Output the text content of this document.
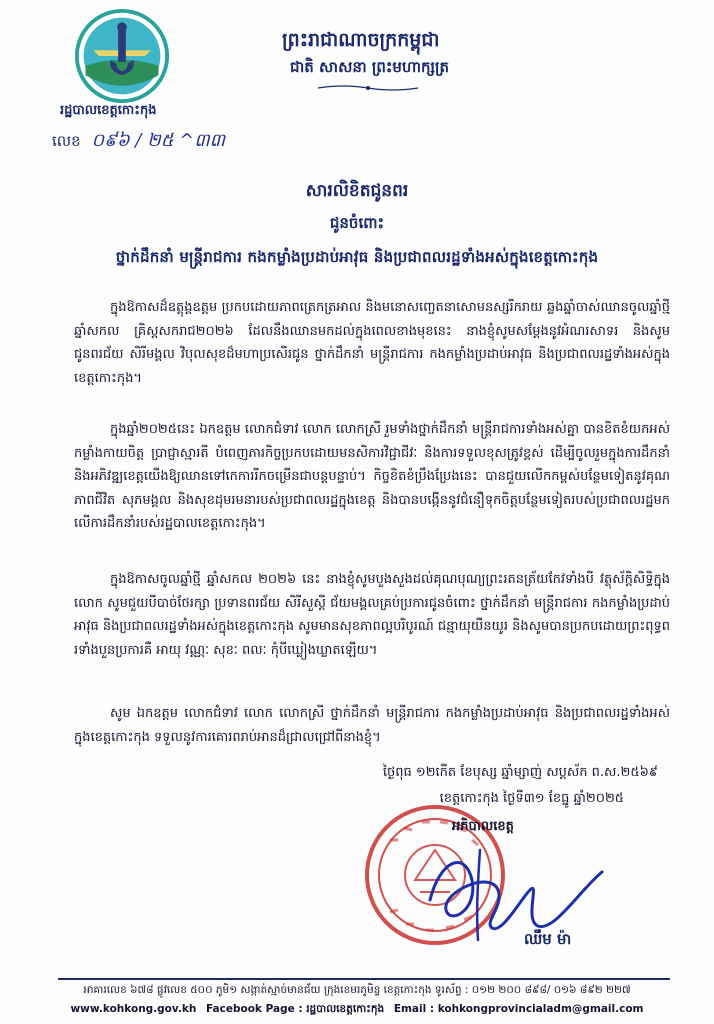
រដ្ឋបាលខេត្តកោះកុង
លេខ ០៩៦ / ២៥ ^៣៣
ព្រះរាជាណាចក្រកម្ពុជា
ជាតិ សាសនា ព្រះមហាក្សត្រ
សារលិខិតជូនពរ
ជូនចំពោះ
ថ្នាក់ដឹកនាំ មន្ត្រីរាជការ កងកម្លាំងប្រដាប់អាវុធ និងប្រជាពលរដ្ឋទាំងអស់ក្នុងខេត្តកោះកុង
ក្នុងឱកាសដ៏ឧត្តុង្គឧត្តម ប្រកបដោយភាពត្រេកត្រអាល និងមនោសញ្ចេតនាសោមនស្សរីករាយ ឆ្លងឆ្នាំចាស់ឈានចូលឆ្នាំថ្មី ឆ្នាំសកល គ្រិស្តសករាជ២០២៦ ដែលនឹងឈានមកដល់ក្នុងពេលខាងមុខនេះ នាងខ្ញុំសូមសម្តែងនូវអំណរសាទរ និងសូមជូនពរជ័យ សិរីមង្គល វិបុលសុខដ៏មហាប្រសើរជូន ថ្នាក់ដឹកនាំ មន្ត្រីរាជការ កងកម្លាំងប្រដាប់អាវុធ និងប្រជាពលរដ្ឋទាំងអស់ក្នុងខេត្តកោះកុង។
ក្នុងឆ្នាំ២០២៥នេះ ឯកឧត្តម លោកជំទាវ លោក លោកស្រី រួមទាំងថ្នាក់ដឹកនាំ មន្ត្រីរាជការទាំងអស់គ្នា បានខិតខំយកអស់កម្លាំងកាយចិត្ត ប្រាជ្ញាស្មារតី បំពេញភារកិច្ចប្រកបដោយមនសិការវិជ្ជាជីវៈ និងការទទួលខុសត្រូវខ្ពស់ ដើម្បីចូលរួមក្នុងការដឹកនាំ និងអភិវឌ្ឍខេត្តយើងឱ្យឈានទៅកេការរីកចម្រើនជាបន្តបន្ទាប់។ កិច្ចខិតខំប្រឹងប្រែងនេះ បានជួយលើកកម្ពស់បន្ថែមទៀតនូវគុណភាពជីវិត សុភមង្គល និងសុខដុមរមនារបស់ប្រជាពលរដ្ឋក្នុងខេត្ត និងបានបង្កើននូវជំនឿទុកចិត្តបន្ថែមទៀតរបស់ប្រជាពលរដ្ឋមកលើការដឹកនាំរបស់រដ្ឋបាលខេត្តកោះកុង។
ក្នុងឱកាសចូលឆ្នាំថ្មី ឆ្នាំសកល ២០២៦ នេះ នាងខ្ញុំសូមបួងសួងដល់គុណបុណ្យព្រះរតនត្រ័យកែវទាំងបី វត្ថុស័ក្តិសិទ្ធិក្នុងលោក សូមជួយបីបាច់ថែរក្សា ប្រទានពរជ័យ សិរីសួស្តី ជ័យមង្គលគ្រប់ប្រការជូនចំពោះ ថ្នាក់ដឹកនាំ មន្ត្រីរាជការ កងកម្លាំងប្រដាប់អាវុធ និងប្រជាពលរដ្ឋទាំងអស់ក្នុងខេត្តកោះកុង សូមមានសុខភាពល្អបរិបូរណ៍ ជន្មាយុយឺនយូរ និងសូមបានប្រកបដោយព្រះពុទ្ធពរទាំងបួនប្រការគឺ អាយុ វណ្ណៈ សុខៈ ពលៈ កុំបីឃ្លៀងឃ្លាតឡើយ។
សូម ឯកឧត្តម លោកជំទាវ លោក លោកស្រី ថ្នាក់ដឹកនាំ មន្ត្រីរាជការ កងកម្លាំងប្រដាប់អាវុធ និងប្រជាពលរដ្ឋទាំងអស់ក្នុងខេត្តកោះកុង ទទួលនូវការគោរពរាប់អានដ៏ជ្រាលជ្រៅពីនាងខ្ញុំ។
ថ្ងៃពុធ ១២កើត ខែបុស្ស ឆ្នាំម្សាញ់ សប្តស័ក ព.ស.២៥៦៩
ខេត្តកោះកុង ថ្ងៃទី៣១ ខែធ្នូ ឆ្នាំ២០២៥
អភិបាលខេត្ត
ឈឹម ម៉ា
អាគារលេខ ៦៧៨ ផ្លូវលេខ ៥០០ ភូមិ១ សង្កាត់ស្មាច់មានជ័យ ក្រុងខេមរភូមិន្ទ ខេត្តកោះកុង ទូរស័ព្ទ : ០១២ ២០០ ៨៩៨/ ០១៦ ៨៩២ ២២៧
www.kohkong.gov.kh Facebook Page : រដ្ឋបាលខេត្តកោះកុង Email : kohkongprovincialadm@gmail.com
